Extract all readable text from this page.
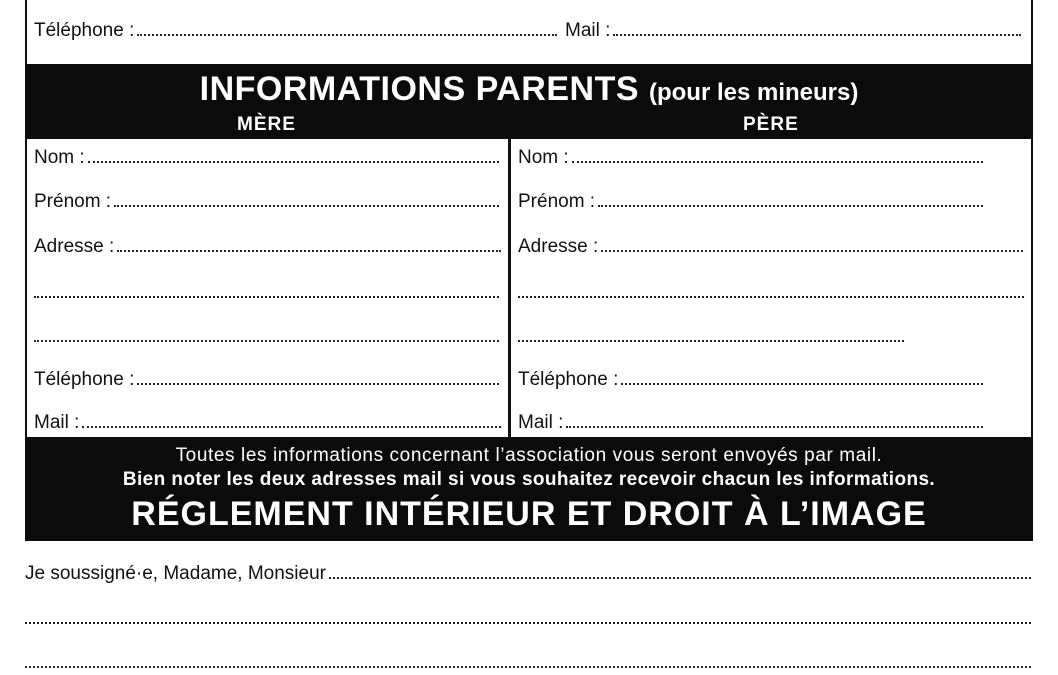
Téléphone :	Mail :
INFORMATIONS PARENTS (pour les mineurs)
MÈRE	PÈRE
Nom :
Prénom :
Adresse :
Téléphone :
Mail :
Nom :
Prénom :
Adresse :
Téléphone :
Mail :
Toutes les informations concernant l’association vous seront envoyés par mail.
Bien noter les deux adresses mail si vous souhaitez recevoir chacun les informations.
RÉGLEMENT INTÉRIEUR ET DROIT À L’IMAGE
Je soussigné·e, Madame, Monsieur
